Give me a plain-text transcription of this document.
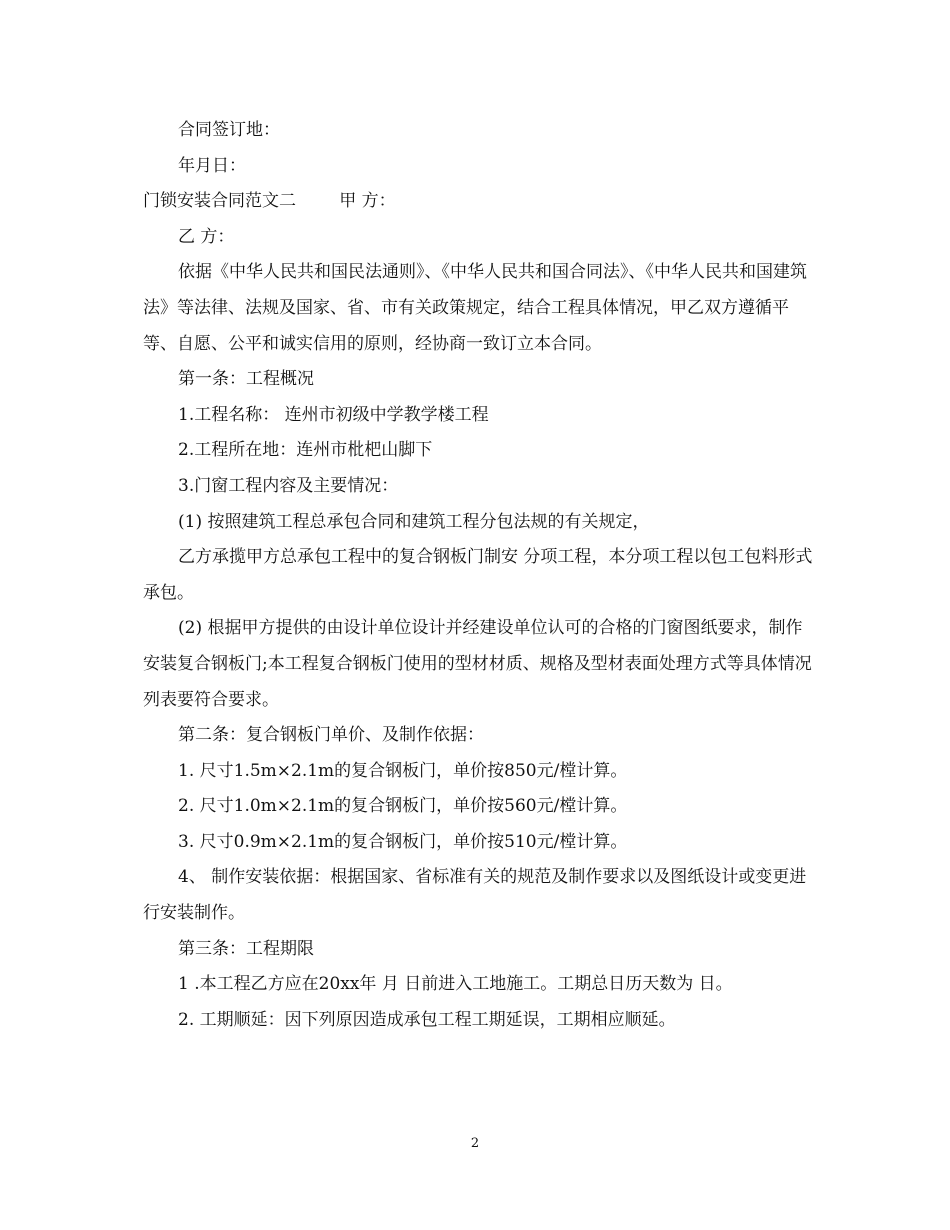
合同签订地：

年月日：

门锁安装合同范文二        甲 方：

乙 方：

依据《中华人民共和国民法通则》、《中华人民共和国合同法》、《中华人民共和国建筑法》等法律、法规及国家、省、市有关政策规定，结合工程具体情况，甲乙双方遵循平等、自愿、公平和诚实信用的原则，经协商一致订立本合同。

第一条：工程概况

1.工程名称： 连州市初级中学教学楼工程

2.工程所在地：连州市枇杷山脚下

3.门窗工程内容及主要情况：

(1) 按照建筑工程总承包合同和建筑工程分包法规的有关规定，

乙方承揽甲方总承包工程中的复合钢板门制安 分项工程，本分项工程以包工包料形式承包。

(2) 根据甲方提供的由设计单位设计并经建设单位认可的合格的门窗图纸要求，制作安装复合钢板门;本工程复合钢板门使用的型材材质、规格及型材表面处理方式等具体情况列表要符合要求。

第二条：复合钢板门单价、及制作依据：

1. 尺寸1.5m×2.1m的复合钢板门，单价按850元/樘计算。

2. 尺寸1.0m×2.1m的复合钢板门，单价按560元/樘计算。

3. 尺寸0.9m×2.1m的复合钢板门，单价按510元/樘计算。

4、 制作安装依据：根据国家、省标准有关的规范及制作要求以及图纸设计或变更进行安装制作。

第三条：工程期限

1 .本工程乙方应在20xx年 月 日前进入工地施工。工期总日历天数为 日。

2. 工期顺延：因下列原因造成承包工程工期延误，工期相应顺延。

2
